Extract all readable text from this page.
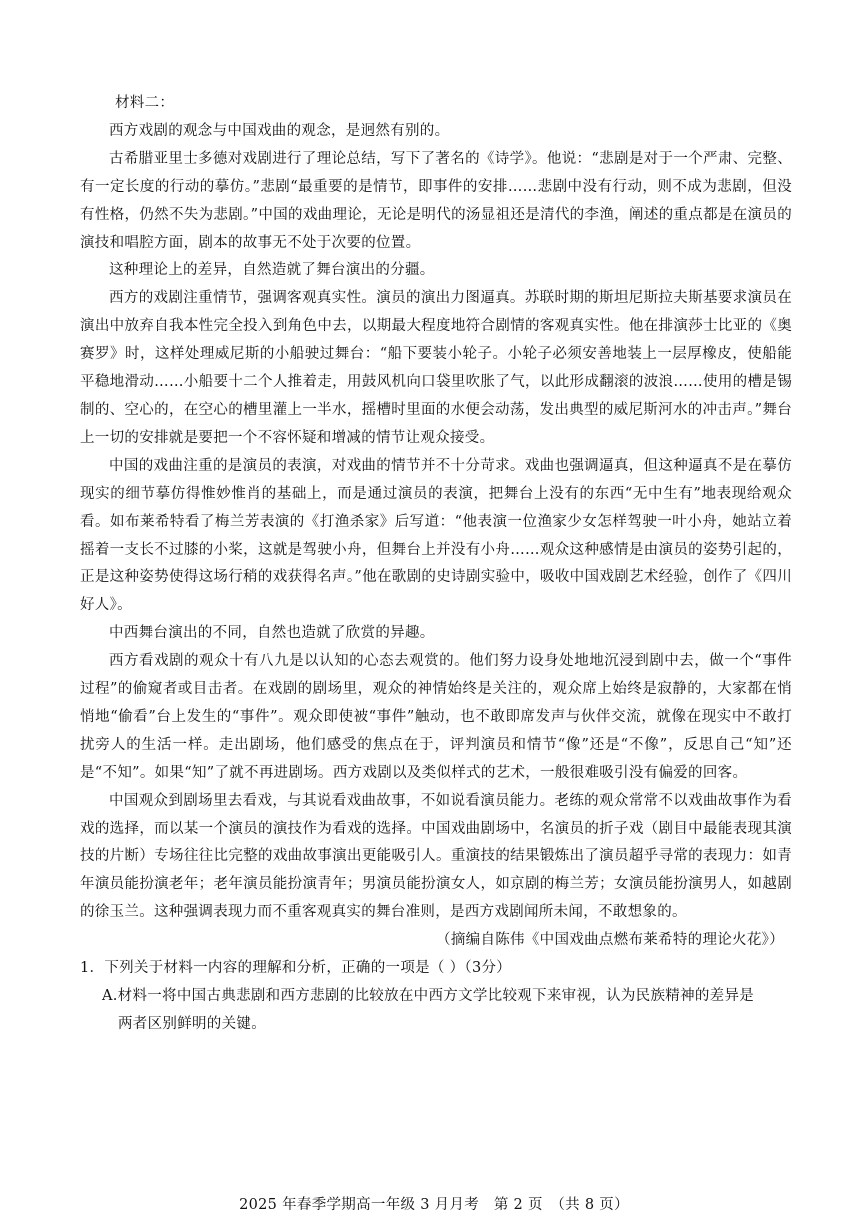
材料二：

西方戏剧的观念与中国戏曲的观念，是迥然有别的。

古希腊亚里士多德对戏剧进行了理论总结，写下了著名的《诗学》。他说：“悲剧是对于一个严肃、完整、有一定长度的行动的摹仿。”悲剧“最重要的是情节，即事件的安排……悲剧中没有行动，则不成为悲剧，但没有性格，仍然不失为悲剧。”中国的戏曲理论，无论是明代的汤显祖还是清代的李渔，阐述的重点都是在演员的演技和唱腔方面，剧本的故事无不处于次要的位置。

这种理论上的差异，自然造就了舞台演出的分疆。

西方的戏剧注重情节，强调客观真实性。演员的演出力图逼真。苏联时期的斯坦尼斯拉夫斯基要求演员在演出中放弃自我本性完全投入到角色中去，以期最大程度地符合剧情的客观真实性。他在排演莎士比亚的《奥赛罗》时，这样处理威尼斯的小船驶过舞台：“船下要装小轮子。小轮子必须安善地装上一层厚橡皮，使船能平稳地滑动……小船要十二个人推着走，用鼓风机向口袋里吹胀了气，以此形成翻滚的波浪……使用的槽是锡制的、空心的，在空心的槽里灌上一半水，摇槽时里面的水便会动荡，发出典型的威尼斯河水的冲击声。”舞台上一切的安排就是要把一个不容怀疑和增减的情节让观众接受。

中国的戏曲注重的是演员的表演，对戏曲的情节并不十分苛求。戏曲也强调逼真，但这种逼真不是在摹仿现实的细节摹仿得惟妙惟肖的基础上，而是通过演员的表演，把舞台上没有的东西“无中生有”地表现给观众看。如布莱希特看了梅兰芳表演的《打渔杀家》后写道：“他表演一位渔家少女怎样驾驶一叶小舟，她站立着摇着一支长不过膝的小桨，这就是驾驶小舟，但舞台上并没有小舟……观众这种感情是由演员的姿势引起的，正是这种姿势使得这场行稍的戏获得名声。”他在歌剧的史诗剧实验中，吸收中国戏剧艺术经验，创作了《四川好人》。

中西舞台演出的不同，自然也造就了欣赏的异趣。

西方看戏剧的观众十有八九是以认知的心态去观赏的。他们努力设身处地地沉浸到剧中去，做一个“事件过程”的偷窥者或目击者。在戏剧的剧场里，观众的神情始终是关注的，观众席上始终是寂静的，大家都在悄悄地“偷看”台上发生的“事件”。观众即使被“事件”触动，也不敢即席发声与伙伴交流，就像在现实中不敢打扰旁人的生活一样。走出剧场，他们感受的焦点在于，评判演员和情节“像”还是“不像”，反思自己“知”还是“不知”。如果“知”了就不再进剧场。西方戏剧以及类似样式的艺术，一般很难吸引没有偏爱的回客。

中国观众到剧场里去看戏，与其说看戏曲故事，不如说看演员能力。老练的观众常常不以戏曲故事作为看戏的选择，而以某一个演员的演技作为看戏的选择。中国戏曲剧场中，名演员的折子戏（剧目中最能表现其演技的片断）专场往往比完整的戏曲故事演出更能吸引人。重演技的结果锻炼出了演员超乎寻常的表现力：如青年演员能扮演老年；老年演员能扮演青年；男演员能扮演女人，如京剧的梅兰芳；女演员能扮演男人，如越剧的徐玉兰。这种强调表现力而不重客观真实的舞台准则，是西方戏剧闻所未闻，不敢想象的。

（摘编自陈伟《中国戏曲点燃布莱希特的理论火花》）

1．下列关于材料一内容的理解和分析，正确的一项是（ ）（3分）

A.材料一将中国古典悲剧和西方悲剧的比较放在中西方文学比较观下来审视，认为民族精神的差异是

两者区别鲜明的关键。

2025 年春季学期高一年级 3 月月考　第 2 页　（共 8 页）
